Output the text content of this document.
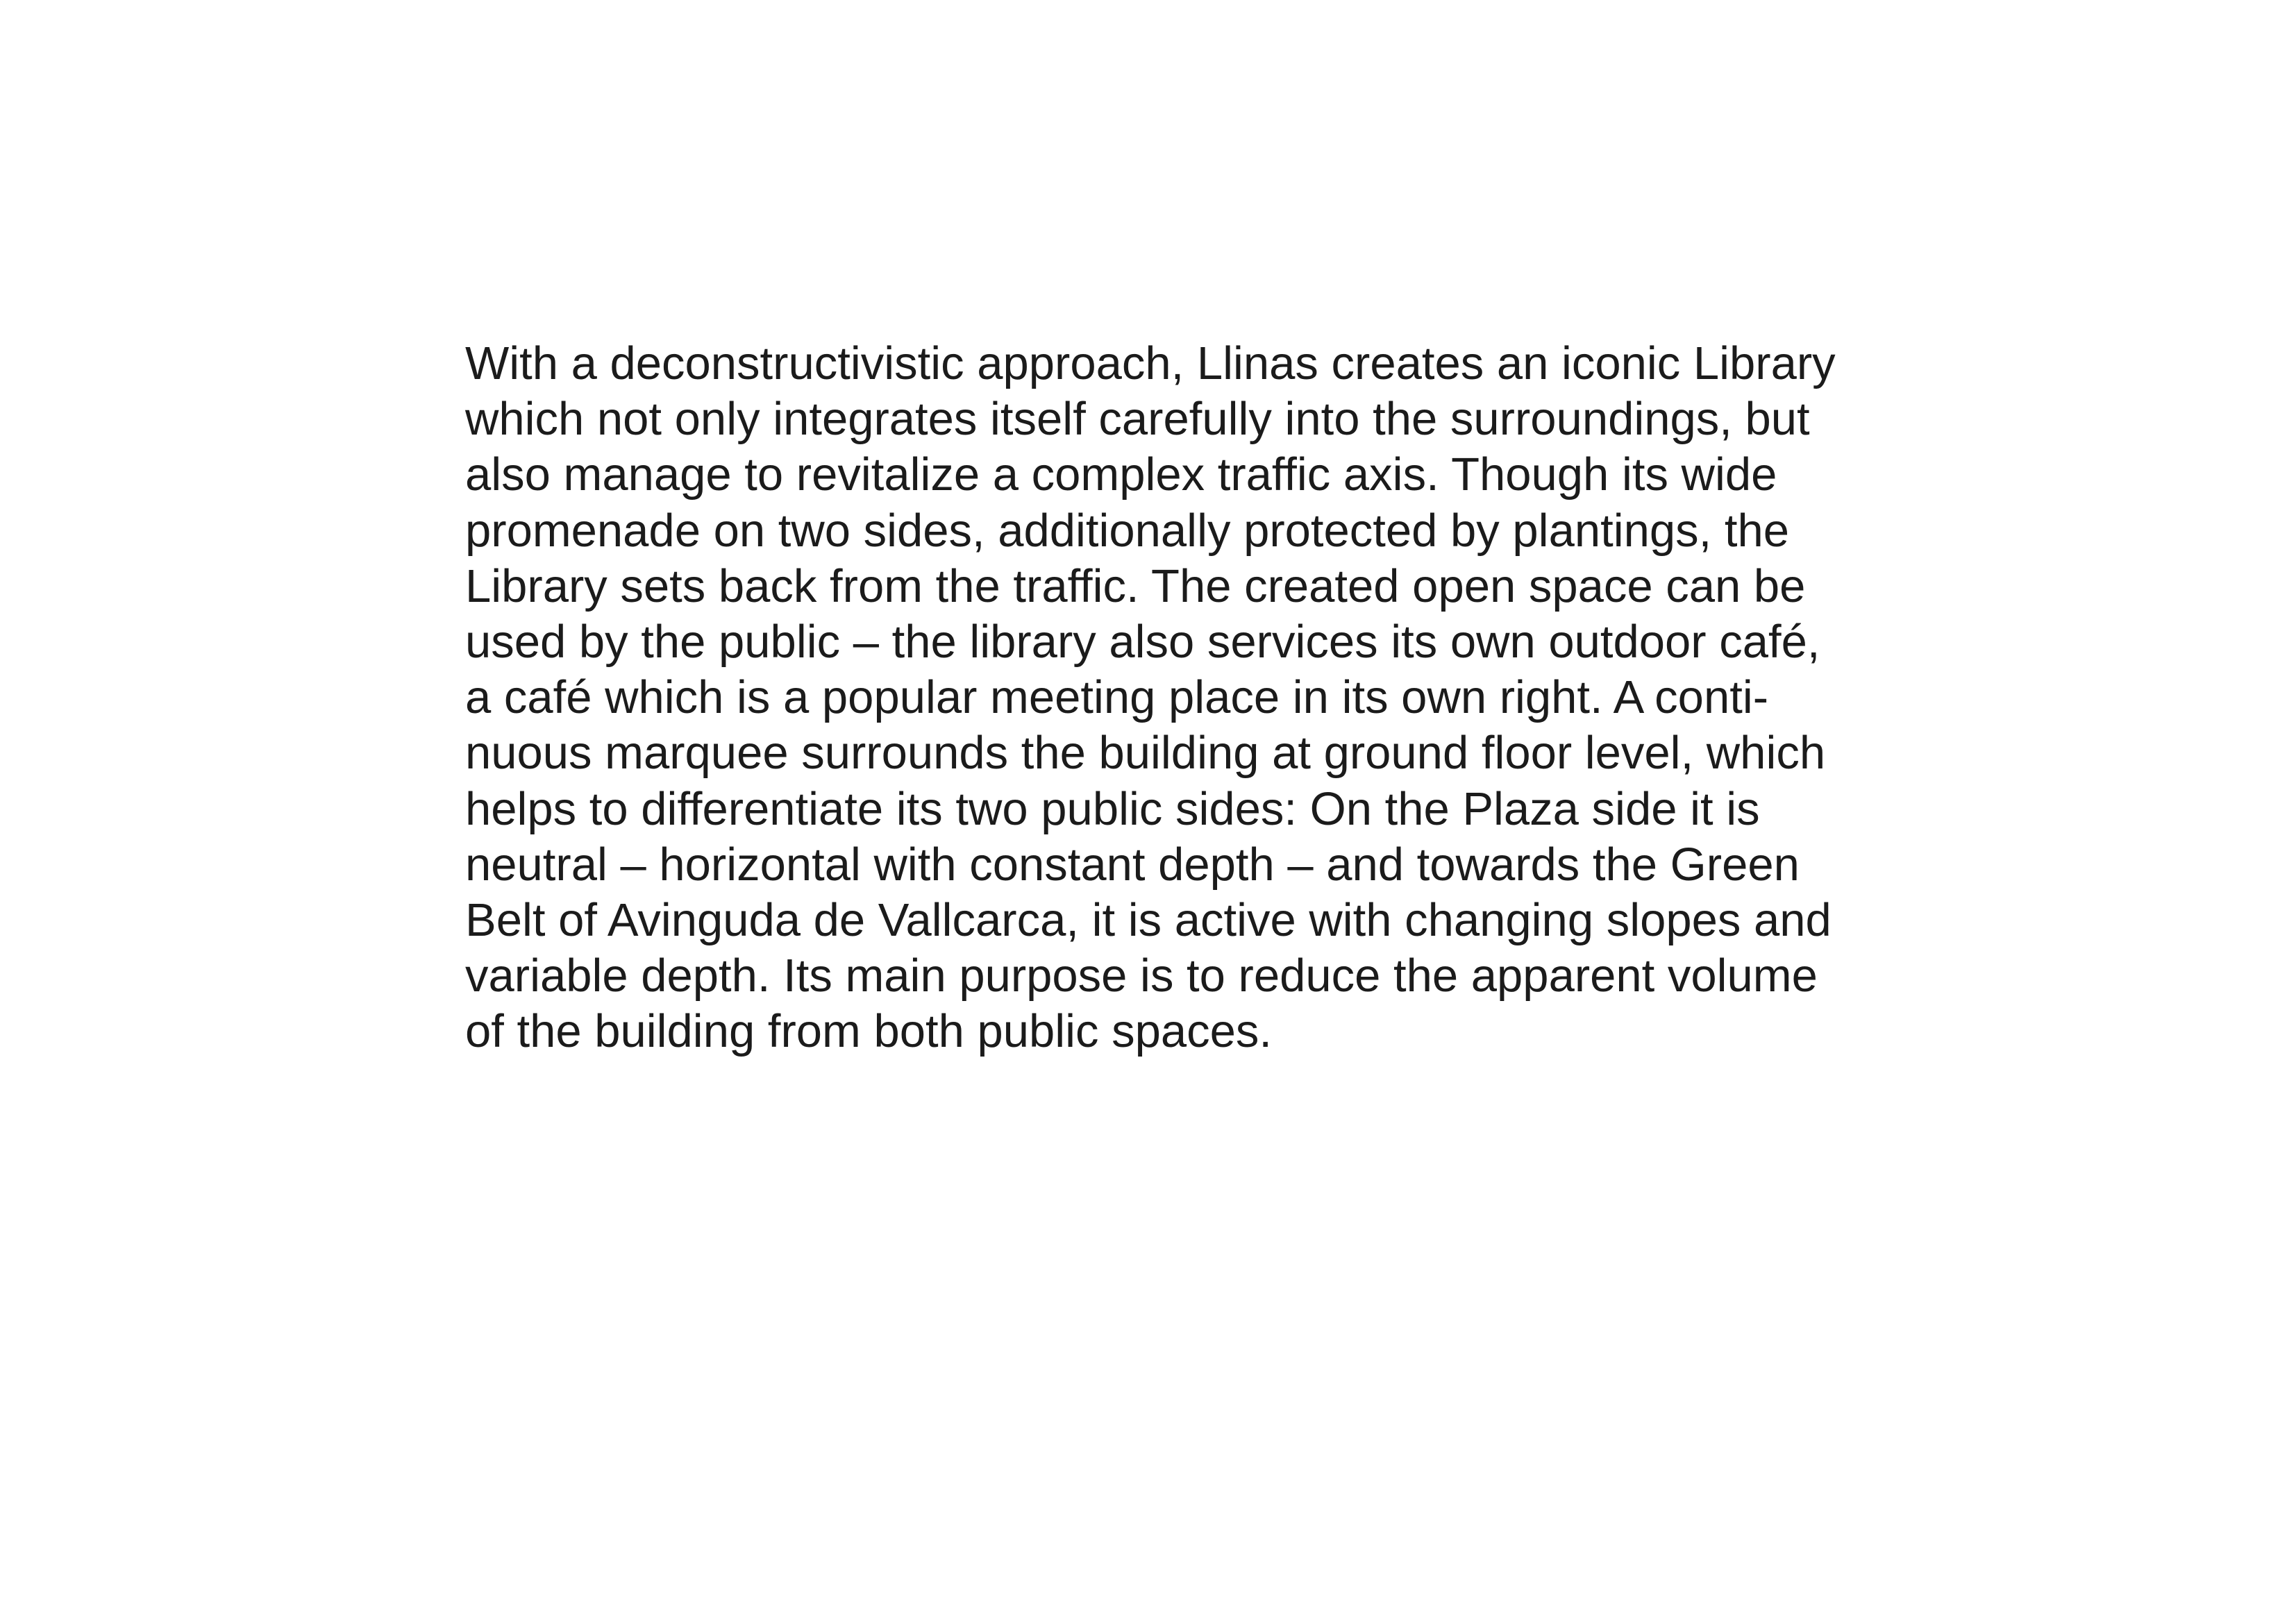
With a deconstructivistic approach, Llinas creates an iconic Library
which not only integrates itself carefully into the surroundings, but
also manage to revitalize a complex traffic axis. Though its wide
promenade on two sides, additionally protected by plantings, the
Library sets back from the traffic. The created open space can be
used by the public – the library also services its own outdoor café,
a café which is a popular meeting place in its own right. A conti-
nuous marquee surrounds the building at ground floor level, which
helps to differentiate its two public sides: On the Plaza side it is
neutral – horizontal with constant depth – and towards the Green
Belt of Avinguda de Vallcarca, it is active with changing slopes and
variable depth. Its main purpose is to reduce the apparent volume
of the building from both public spaces.
